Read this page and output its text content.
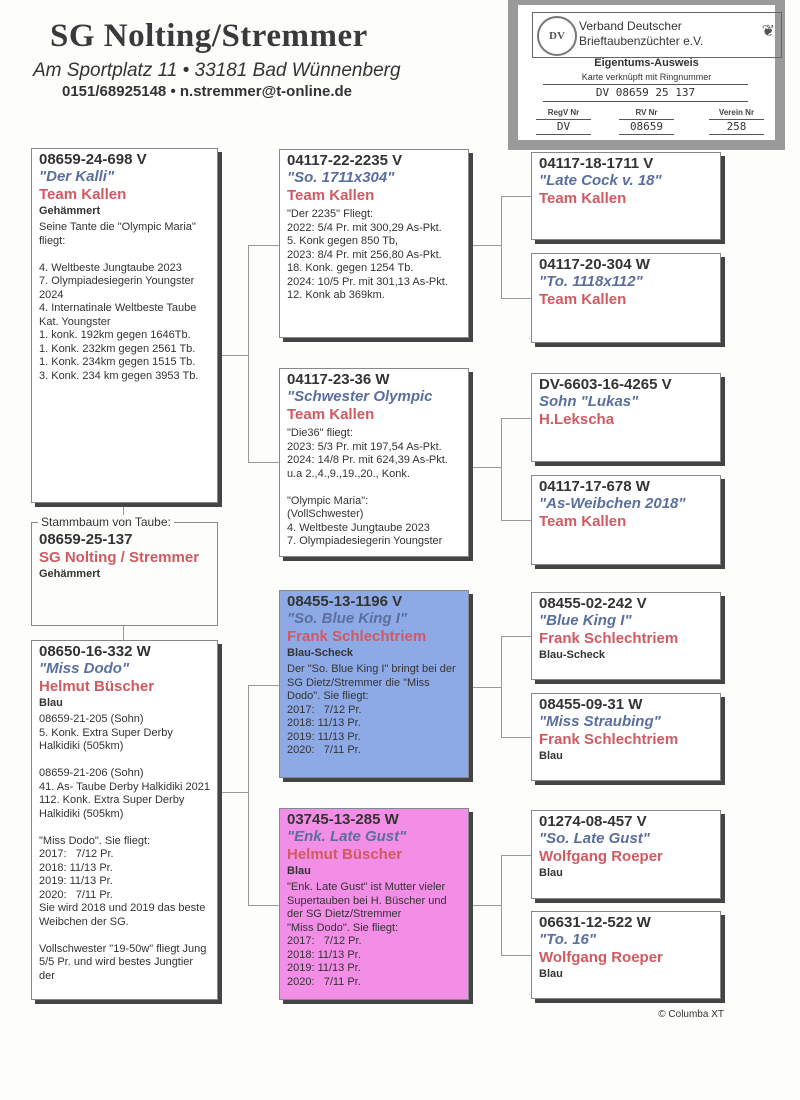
SG Nolting/Stremmer
Am Sportplatz 11 • 33181 Bad Wünnenberg
0151/68925148 • n.stremmer@t-online.de
DV
Verband Deutscher
Brieftaubenzüchter e.V.
❦
Eigentums-Ausweis
Karte verknüpft mit Ringnummer
DV 08659 25 137
RegV Nr
DV
RV Nr
08659
Verein Nr
258
08659-24-698 V
"Der Kalli"
Team Kallen
Gehämmert
Seine Tante die "Olympic Maria" fliegt:

4. Weltbeste Jungtaube 2023
7. Olympiadesiegerin Youngster 2024
4. Internatinale Weltbeste Taube Kat. Youngster
1. konk. 192km gegen 1646Tb.
1. Konk. 232km gegen 2561 Tb.
1. Konk. 234km gegen 1515 Tb.
3. Konk. 234 km gegen 3953 Tb.
Stammbaum von Taube:
08659-25-137
SG Nolting / Stremmer
Gehämmert
08650-16-332 W
"Miss Dodo"
Helmut Büscher
Blau
08659-21-205 (Sohn)
5. Konk. Extra Super Derby Halkidiki (505km)

08659-21-206 (Sohn)
41. As- Taube Derby Halkidiki 2021
112. Konk. Extra Super Derby Halkidiki (505km)

"Miss Dodo". Sie fliegt:
2017:   7/12 Pr.
2018: 11/13 Pr.
2019: 11/13 Pr.
2020:   7/11 Pr.
Sie wird 2018 und 2019 das beste Weibchen der SG.

Vollschwester "19-50w" fliegt Jung 5/5 Pr. und wird bestes Jungtier der
04117-22-2235 V
"So. 1711x304"
Team Kallen
"Der 2235" Fliegt:
2022: 5/4 Pr. mit 300,29 As-Pkt.
5. Konk gegen 850 Tb,
2023: 8/4 Pr. mit 256,80 As-Pkt.
18. Konk. gegen 1254 Tb.
2024: 10/5 Pr. mit 301,13 As-Pkt.
12. Konk ab 369km.
04117-23-36 W
"Schwester Olympic
Team Kallen
"Die36" fliegt:
2023: 5/3 Pr. mit 197,54 As-Pkt.
2024: 14/8 Pr. mit 624,39 As-Pkt.
u.a 2.,4.,9.,19.,20., Konk.

"Olympic Maria":
(VollSchwester)
4. Weltbeste Jungtaube 2023
7. Olympiadesiegerin Youngster
08455-13-1196 V
"So. Blue King I"
Frank Schlechtriem
Blau-Scheck
Der "So. Blue King I" bringt bei der SG Dietz/Stremmer die "Miss Dodo". Sie fliegt:
2017:   7/12 Pr.
2018: 11/13 Pr.
2019: 11/13 Pr.
2020:   7/11 Pr.
03745-13-285 W
"Enk. Late Gust"
Helmut Büscher
Blau
"Enk. Late Gust" ist Mutter vieler Supertauben bei H. Büscher und der SG Dietz/Stremmer
"Miss Dodo". Sie fliegt:
2017:   7/12 Pr.
2018: 11/13 Pr.
2019: 11/13 Pr.
2020:   7/11 Pr.
04117-18-1711 V
"Late Cock v. 18"
Team Kallen
04117-20-304 W
"To. 1118x112"
Team Kallen
DV-6603-16-4265 V
Sohn "Lukas"
H.Lekscha
04117-17-678 W
"As-Weibchen 2018"
Team Kallen
08455-02-242 V
"Blue King I"
Frank Schlechtriem
Blau-Scheck
08455-09-31 W
"Miss Straubing"
Frank Schlechtriem
Blau
01274-08-457 V
"So. Late Gust"
Wolfgang Roeper
Blau
06631-12-522 W
"To. 16"
Wolfgang Roeper
Blau
© Columba XT
